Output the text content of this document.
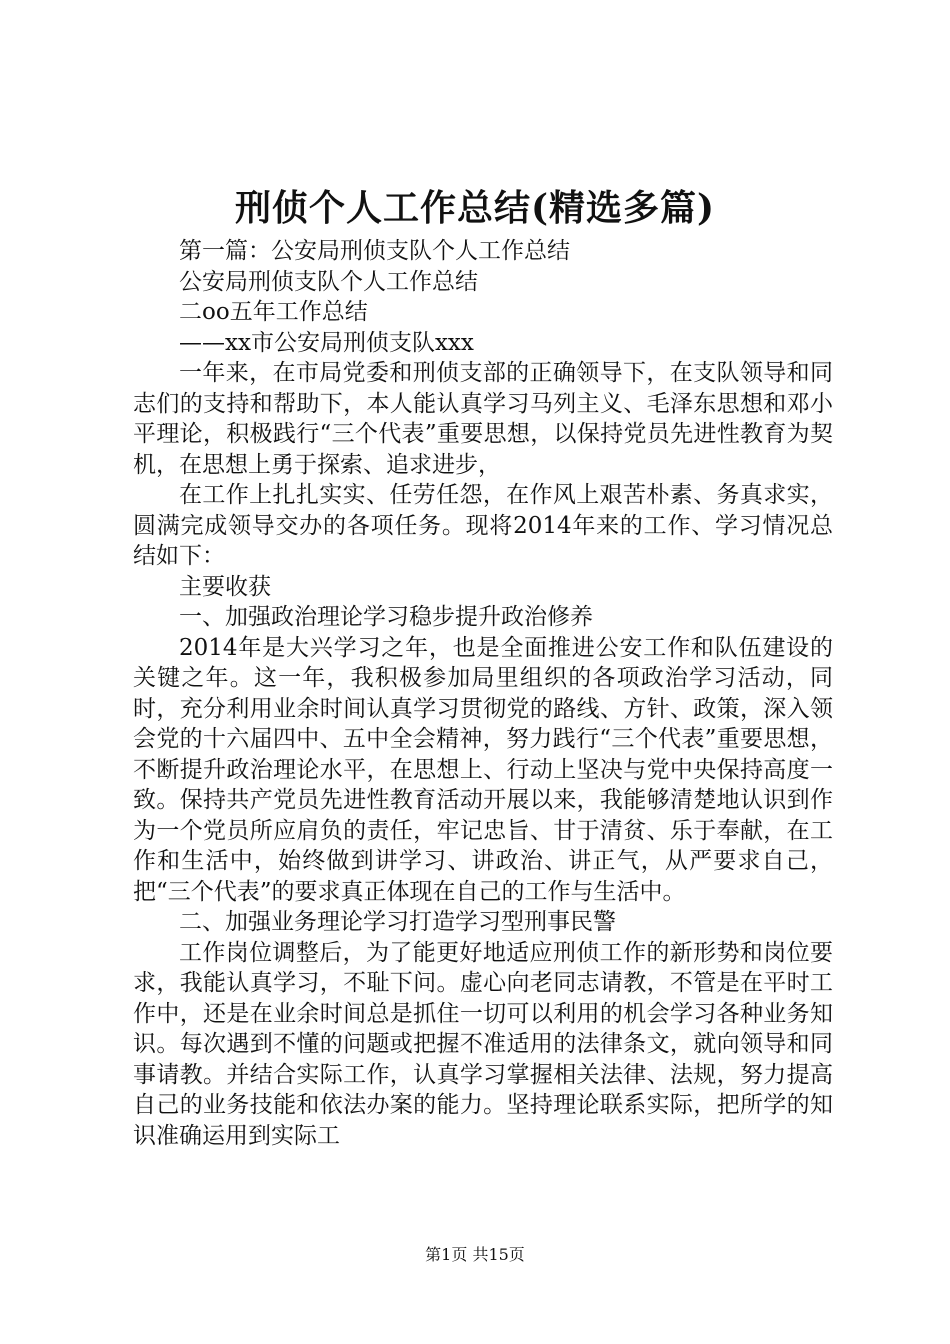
刑侦个人工作总结(精选多篇)

第一篇：公安局刑侦支队个人工作总结

公安局刑侦支队个人工作总结

二oo五年工作总结

——xx市公安局刑侦支队xxx

一年来，在市局党委和刑侦支部的正确领导下，在支队领导和同志们的支持和帮助下，本人能认真学习马列主义、毛泽东思想和邓小平理论，积极践行“三个代表”重要思想，以保持党员先进性教育为契机，在思想上勇于探索、追求进步，

在工作上扎扎实实、任劳任怨，在作风上艰苦朴素、务真求实，圆满完成领导交办的各项任务。现将2014年来的工作、学习情况总结如下：

主要收获

一、加强政治理论学习稳步提升政治修养

2014年是大兴学习之年，也是全面推进公安工作和队伍建设的关键之年。这一年，我积极参加局里组织的各项政治学习活动，同时，充分利用业余时间认真学习贯彻党的路线、方针、政策，深入领会党的十六届四中、五中全会精神，努力践行“三个代表”重要思想，不断提升政治理论水平，在思想上、行动上坚决与党中央保持高度一致。保持共产党员先进性教育活动开展以来，我能够清楚地认识到作为一个党员所应肩负的责任，牢记忠旨、甘于清贫、乐于奉献，在工作和生活中，始终做到讲学习、讲政治、讲正气，从严要求自己，把“三个代表”的要求真正体现在自己的工作与生活中。

二、加强业务理论学习打造学习型刑事民警

工作岗位调整后，为了能更好地适应刑侦工作的新形势和岗位要求，我能认真学习，不耻下问。虚心向老同志请教，不管是在平时工作中，还是在业余时间总是抓住一切可以利用的机会学习各种业务知识。每次遇到不懂的问题或把握不准适用的法律条文，就向领导和同事请教。并结合实际工作，认真学习掌握相关法律、法规，努力提高自己的业务技能和依法办案的能力。坚持理论联系实际，把所学的知识准确运用到实际工

第1页 共15页
